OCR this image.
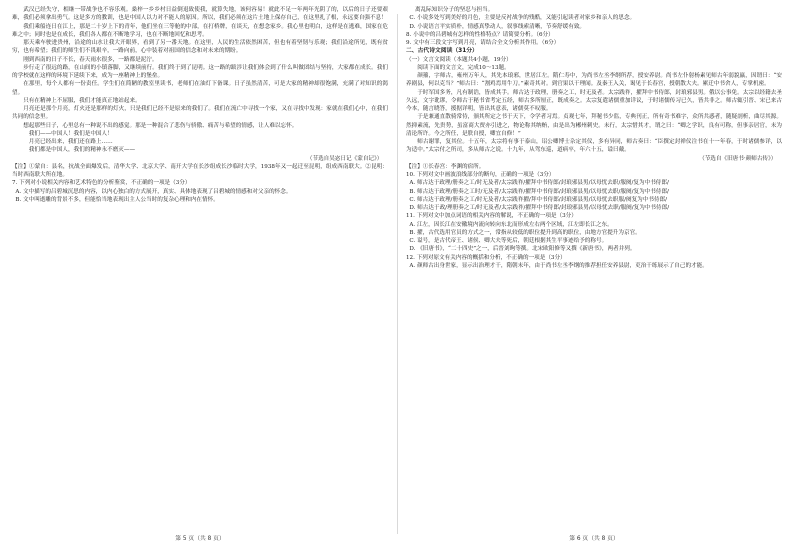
武汉已经失守，相继一带战争也不容乐观。桑梓一乡乡村日益倒退致使我，就算失地，该何容易！就此不足一年两年光阴了的，以后的日子还要艰难，我们必须拿出勇气。这是多方的教训，也是中国人以力对不能人的原因。所以，我们必须在这片土地上保存自己，在这里扎了根，永远要自强不息！

我们乘船连日在江上，那是二十岁上下的青年，他们坐在三等舱的中部，在打桥牌，在谈天，在想念家乡。我心里也明白，这样是在逃难，国家在危难之中；同时也是在成长，我们各人都在不断地学习，也在不断地回忆和思考。

那天乘车驶进贵州，沿途的山水让我大开眼界，看到了另一番天地。在这里，人民的生活依然困苦，但也有着坚韧与乐观；我们沿途所见，既有贫穷，也有希望；我们的师生们不畏艰辛，一路向前，心中装着对祖国的信念和对未来的期盼。

刚到西南的日子不长，春天雨水很多，一路都是泥泞。

步行走了很远的路，在山间的小镇落脚，又继续前行。我们终于到了昆明。这一路的跋涉让我们体会到了什么叫做团结与坚持，大家都在成长。我们的学校就在这样的环境下延续下来，成为一座精神上的堡垒。

在那里，每个人都有一份责任。学生们在简陋的教室里读书，老师们在油灯下备课。日子虽然清苦，可是大家的精神却很饱满，充满了对知识的渴望。

只有在精神上不屈服，我们才能真正地站起来。

月亮还是那个月亮，灯火还是那样的灯火，只是我们已经不是原来的我们了。我们在流亡中寻找一个家，又在寻找中发现：家就在我们心中，在我们共同的信念里。

想起那些日子，心里总有一种说不出的感觉。那是一种混合了悲伤与骄傲、痛苦与希望的情感，让人难以忘怀。

我们——中国人！我们是中国人！

月亮已经出来，我们还在路上……

我们都是中国人，我们的精神永不磨灭——

（节选自吴宓日记《蒙自记》）

【注】①蒙自：县名，抗战全面爆发后，清华大学、北京大学、南开大学在长沙组成长沙临时大学，1938年又一起迁至昆明，组成西南联大。②昆明：当时西南联大所在地。

7. 下列对小说相关内容和艺术特色的分析鉴赏，不正确的一项是（3分）

A. 文中描写的吕碧城沉思的内容，以内心独白的方式展开，真实、具体地表现了吕碧城的情感和对父亲的怀念。

B. 文中叫逝雕的背景不多，但能恰当地表现出主人公当时的复杂心理和内在情怀。

第 5 页（共 8 页）

离乱际知识分子的坚忍与担当。

C. 小说多处写到美好的月色，主要是反衬战争的残酷，又能引起读者对家乡和亲人的思念。

D. 小说语言平实质朴，情感真挚动人，叙事线索清晰，节奏舒缓有致。

8. 小说中的吕碧城有怎样的性格特点？请简要分析。（6分）

9. 文中有三段文字写到月亮，请结合全文分析其作用。（6分）

二、古代诗文阅读（31分）

（一）文言文阅读（本题共4小题，19分）

阅读下面的文言文，完成10～13题。

颜籀，字师古，雍州万年人，其先本琅邪，世居江左。隋仁寿中，为尚书左丞李纲所荐，授安养尉。尚书左仆射杨素见师古年弱貌羸，因谓曰：“安养剧县，何以克当？”师古曰：“割鸡焉用牛刀。”素奇其对。到官果以干理闻。及秦王入关，谒见于长春宫，授朝散大夫。累迁中书舍人，专掌机密。

于时军国多务，凡有制诰，皆成其手。师古达于政理，册奏之工，时无及者。太宗践祚，擢拜中书侍郎，封琅邪县男。俄以公事免。太宗以经籍去圣久远，文字讹谬，令师古于秘书省考定五经，师古多所厘正，既成奏之。太宗复遣诸儒重加详议，于时诸儒传习已久，皆共非之。师古辄引晋、宋已来古今本，随言晓答，援据详明，皆出其意表，诸儒莫不叹服。

于是兼通直散骑常侍，颁其所定之书于天下，令学者习焉。贞观七年，拜秘书少监，专典刊正，所有奇书难字，众所共惑者，随疑剖析，曲尽其源。然抑素流，先贵势，虽富商大贾亦引进之，物论称其纳贿，由是出为郴州刺史。未行，太宗惜其才，谓之曰：“卿之学识，良有可称，但事亲居官，未为清论所许。今之所任，是朕自授，卿宜自修！”

师古谢罪，复其位。十五年，太宗将有事于泰山，诏公卿博士杂定其仪，多有异同，师古奏曰：“臣撰定封禅仪注书在十一年春，于时诸儒参详，以为适中。”太宗付之所司，多从师古之说。十九年，从驾东巡，道病卒，年六十五，谥曰戴。

（节选自《旧唐书·颜师古传》）

【注】①长春宫：李渊的宿所。

10. 下列对文中画波浪线部分的断句，正确的一项是（3分）

A. 师古达于政理/册奏之工/时无及者/太宗践祚/擢拜中书侍郎/封琅邪县男/以母忧去职/服阕/复为中书侍郎/

B. 师古达于政理/册奏之工时/无及者/太宗践祚/擢拜中书侍郎/封琅邪县男/以母忧去职/服阕/复为中书侍郎/

C. 师古达于政理/册奏之工/时无及者/太宗践祚擢/拜中书侍郎/封琅邪县男/以母忧去职服/阕复为中书侍郎/

D. 师古达于政/理册奏之工/时无及者/太宗践祚/擢拜中书侍郎/封琅邪县男/以母忧去职/服阕/复为中书侍郎/

11. 下列对文中加点词语的相关内容的解说，不正确的一项是（3分）

A. 江左，因长江在安徽境内流向转向东北而形成左右两个区域，江左即长江之东。

B. 擢，古代选用官员的方式之一，常指从较低的职位提升到高的职位，由地方官提升为京官。

C. 谥号，是古代帝王、诸侯、卿大夫等死后，朝廷根据其生平事迹给予的称号。

D. 《旧唐书》，“二十四史”之一，后晋刘昫等撰。北宋欧阳修等又撰《新唐书》，两者并列。

12. 下列对原文有关内容的概括和分析，不正确的一项是（3分）

A. 颜师古出身世家，显示出治理才干，隋朝末年，由于尚书左丞李纲的推荐担任安养县尉，吏治干练展示了自己的才能。

第 6 页（共 8 页）
